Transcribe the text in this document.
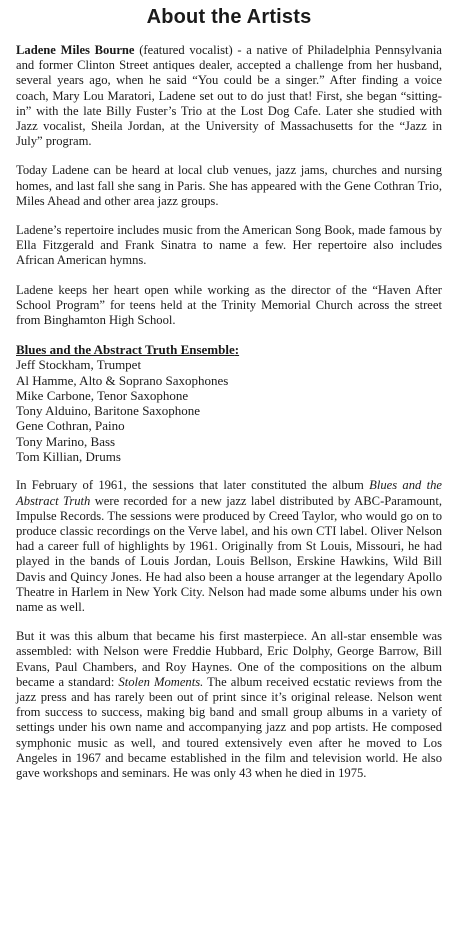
About the Artists

Ladene Miles Bourne (featured vocalist) - a native of Philadelphia Pennsylvania and former Clinton Street antiques dealer, accepted a challenge from her husband, several years ago, when he said “You could be a singer.” After finding a voice coach, Mary Lou Maratori, Ladene set out to do just that! First, she began “sitting-in” with the late Billy Fuster’s Trio at the Lost Dog Cafe. Later she studied with Jazz vocalist, Sheila Jordan, at the University of Massachusetts for the “Jazz in July” program.

Today Ladene can be heard at local club venues, jazz jams, churches and nursing homes, and last fall she sang in Paris. She has appeared with the Gene Cothran Trio, Miles Ahead and other area jazz groups.

Ladene’s repertoire includes music from the American Song Book, made famous by Ella Fitzgerald and Frank Sinatra to name a few. Her repertoire also includes African American hymns.

Ladene keeps her heart open while working as the director of the “Haven After School Program” for teens held at the Trinity Memorial Church across the street from Binghamton High School.

Blues and the Abstract Truth Ensemble:
Jeff Stockham, Trumpet
Al Hamme, Alto & Soprano Saxophones
Mike Carbone, Tenor Saxophone
Tony Alduino, Baritone Saxophone
Gene Cothran, Paino
Tony Marino, Bass
Tom Killian, Drums

In February of 1961, the sessions that later constituted the album Blues and the Abstract Truth were recorded for a new jazz label distributed by ABC-Paramount, Impulse Records. The sessions were produced by Creed Taylor, who would go on to produce classic recordings on the Verve label, and his own CTI label. Oliver Nelson had a career full of highlights by 1961. Originally from St Louis, Missouri, he had played in the bands of Louis Jordan, Louis Bellson, Erskine Hawkins, Wild Bill Davis and Quincy Jones. He had also been a house arranger at the legendary Apollo Theatre in Harlem in New York City. Nelson had made some albums under his own name as well.

But it was this album that became his first masterpiece. An all-star ensemble was assembled: with Nelson were Freddie Hubbard, Eric Dolphy, George Barrow, Bill Evans, Paul Chambers, and Roy Haynes. One of the compositions on the album became a standard: Stolen Moments. The album received ecstatic reviews from the jazz press and has rarely been out of print since it’s original release. Nelson went from success to success, making big band and small group albums in a variety of settings under his own name and accompanying jazz and pop artists. He composed symphonic music as well, and toured extensively even after he moved to Los Angeles in 1967 and became established in the film and television world. He also gave workshops and seminars. He was only 43 when he died in 1975.
